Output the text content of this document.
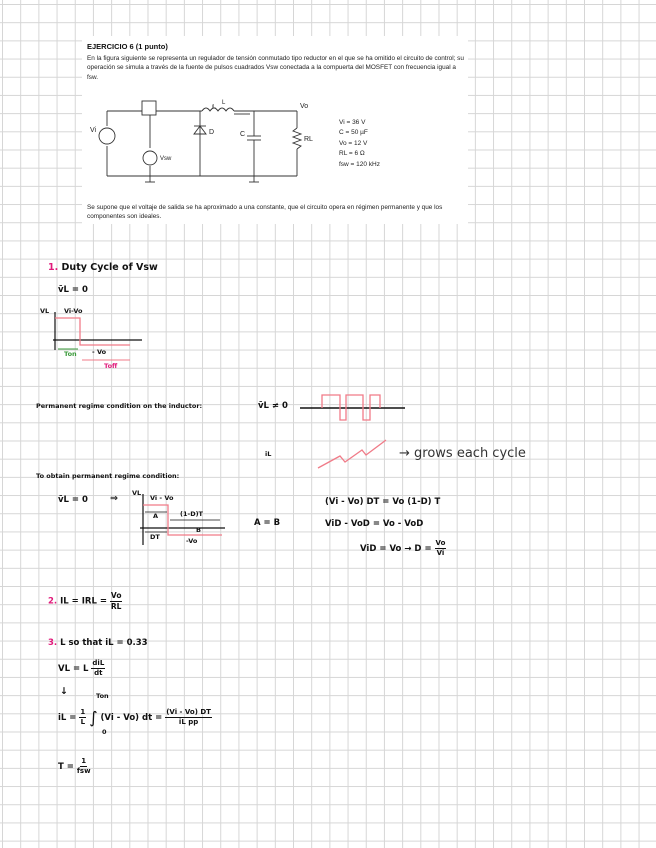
EJERCICIO 6 (1 punto)
En la figura siguiente se representa un regulador de tensión conmutado tipo reductor en el que se ha omitido el circuito de control; su operación se simula a través de la fuente de pulsos cuadrados Vsw conectada a la compuerta del MOSFET con frecuencia igual a fsw.
Se supone que el voltaje de salida se ha aproximado a una constante, que el circuito opera en régimen permanente y que los componentes son ideales.
Vi = 36 V
C = 50 µF
Vo = 12 V
RL = 6 Ω
fsw = 120 kHz
Vi
Vsw
D	C
RL
Vo
L
iL
1. Duty Cycle of Vsw
v̄L = 0
VL Vi-Vo
Ton - Vo
Toff
Permanent regime condition on the inductor:	v̄L ≠ 0
iL	→ grows each cycle
To obtain permanent regime condition:
v̄L = 0 ⇒ VL
Vi - Vo
A	(1-D)T
B
DT	-Vo
A = B
(Vi - Vo) DT = Vo (1-D) T
ViD - VoD = Vo - VoD
ViD = $Vo \to D = \frac{Vo}{Vi}$
2. IL = IRL = $\frac{Vo}{RL}$
3. L so that iL = 0.33
VL = L $\frac{\text{diL}}{dt}$
↓	Ton
0
iL = $\frac{1}{L}$ ∫ (Vi - Vo) dt = $\frac{(Vi - Vo) DT}{\text{iL pp}}$
$T = \frac{1}{\text{fsw}}$
